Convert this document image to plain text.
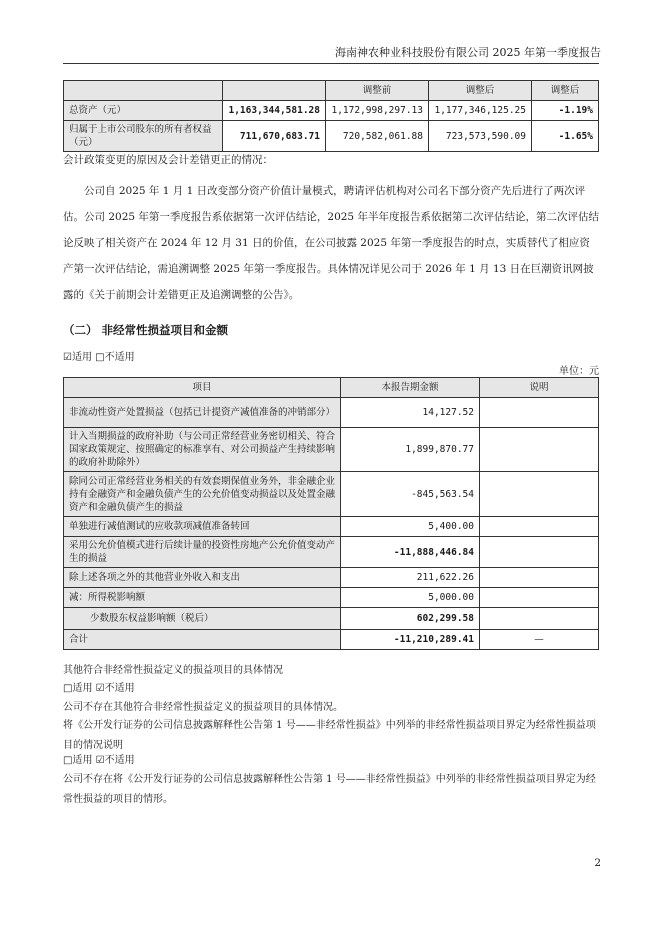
海南神农种业科技股份有限公司 2025 年第一季度报告
		调整前	调整后	调整后
总资产（元）	1,163,344,581.28	1,172,998,297.13	1,177,346,125.25	-1.19%
归属于上市公司股东的所有者权益（元）	711,670,683.71	720,582,061.88	723,573,590.09	-1.65%
会计政策变更的原因及会计差错更正的情况：
公司自 2025 年 1 月 1 日改变部分资产价值计量模式，聘请评估机构对公司名下部分资产先后进行了两次评估。公司 2025 年第一季度报告系依据第一次评估结论，2025 年半年度报告系依据第二次评估结论，第二次评估结论反映了相关资产在 2024 年 12 月 31 日的价值，在公司披露 2025 年第一季度报告的时点，实质替代了相应资产第一次评估结论，需追溯调整 2025 年第一季度报告。具体情况详见公司于 2026 年 1 月 13 日在巨潮资讯网披露的《关于前期会计差错更正及追溯调整的公告》。
（二） 非经常性损益项目和金额
☑适用 □不适用
单位：元
项目	本报告期金额	说明
非流动性资产处置损益（包括已计提资产减值准备的冲销部分）	14,127.52	
计入当期损益的政府补助（与公司正常经营业务密切相关、符合国家政策规定、按照确定的标准享有、对公司损益产生持续影响的政府补助除外）	1,899,870.77	
除同公司正常经营业务相关的有效套期保值业务外，非金融企业持有金融资产和金融负债产生的公允价值变动损益以及处置金融资产和金融负债产生的损益	-845,563.54	
单独进行减值测试的应收款项减值准备转回	5,400.00	
采用公允价值模式进行后续计量的投资性房地产公允价值变动产生的损益	-11,888,446.84	
除上述各项之外的其他营业外收入和支出	211,622.26	
减：所得税影响额	5,000.00	
少数股东权益影响额（税后）	602,299.58	
合计	-11,210,289.41	—
其他符合非经常性损益定义的损益项目的具体情况
□适用 ☑不适用
公司不存在其他符合非经常性损益定义的损益项目的具体情况。
将《公开发行证券的公司信息披露解释性公告第 1 号——非经常性损益》中列举的非经常性损益项目界定为经常性损益项目的情况说明
□适用 ☑不适用
公司不存在将《公开发行证券的公司信息披露解释性公告第 1 号——非经常性损益》中列举的非经常性损益项目界定为经常性损益的项目的情形。
2
